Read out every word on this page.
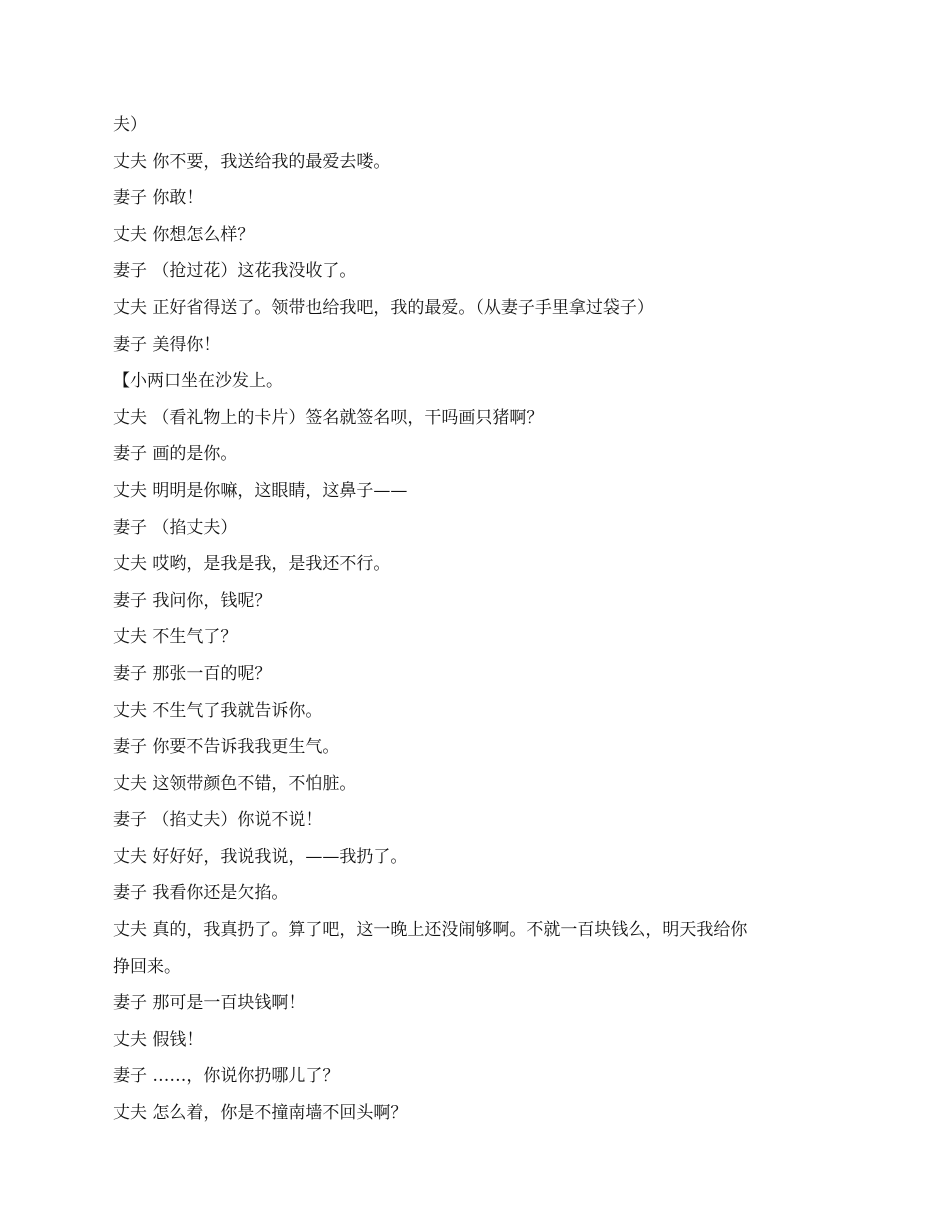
夫）
丈夫 你不要，我送给我的最爱去喽。
妻子 你敢！
丈夫 你想怎么样？
妻子 （抢过花）这花我没收了。
丈夫 正好省得送了。领带也给我吧，我的最爱。（从妻子手里拿过袋子）
妻子 美得你！
【小两口坐在沙发上。
丈夫 （看礼物上的卡片）签名就签名呗，干吗画只猪啊？
妻子 画的是你。
丈夫 明明是你嘛，这眼睛，这鼻子——
妻子 （掐丈夫）
丈夫 哎哟，是我是我，是我还不行。
妻子 我问你，钱呢？
丈夫 不生气了？
妻子 那张一百的呢？
丈夫 不生气了我就告诉你。
妻子 你要不告诉我我更生气。
丈夫 这领带颜色不错，不怕脏。
妻子 （掐丈夫）你说不说！
丈夫 好好好，我说我说，——我扔了。
妻子 我看你还是欠掐。
丈夫 真的，我真扔了。算了吧，这一晚上还没闹够啊。不就一百块钱么，明天我给你
挣回来。
妻子 那可是一百块钱啊！
丈夫 假钱！
妻子 ……，你说你扔哪儿了？
丈夫 怎么着，你是不撞南墙不回头啊？
